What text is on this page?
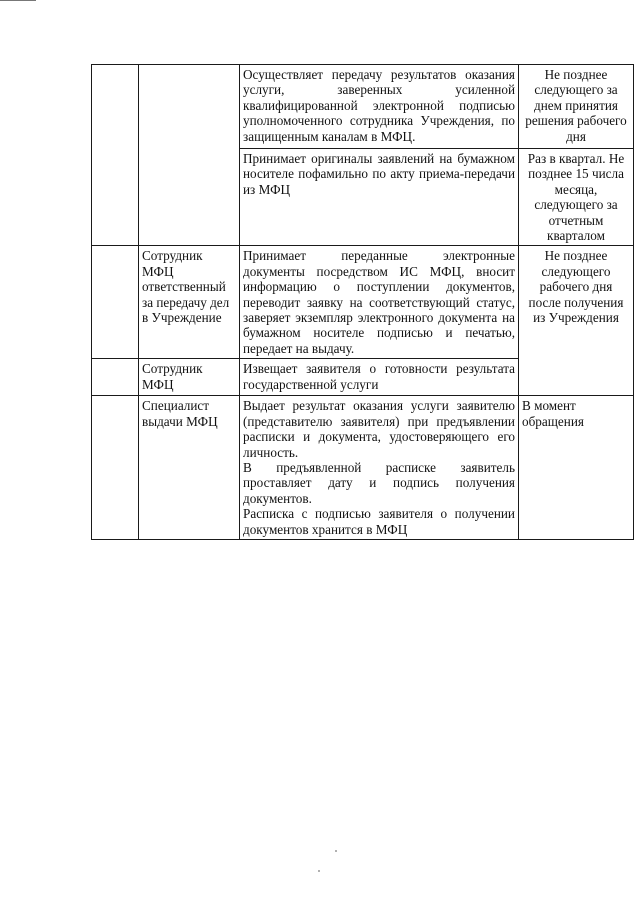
		Осуществляет передачу результатов оказания услуги, заверенных усиленной квалифицированной электронной подписью уполномоченного сотрудника Учреждения, по защищенным каналам в МФЦ.	Не позднее следующего за днем принятия решения рабочего дня

		Принимает оригиналы заявлений на бумажном носителе пофамильно по акту приема-передачи из МФЦ	Раз в квартал. Не позднее 15 числа месяца, следующего за отчетным кварталом
	Сотрудник МФЦ ответственный за передачу дел в Учреждение	Принимает переданные электронные документы посредством ИС МФЦ, вносит информацию о поступлении документов, переводит заявку на соответствующий статус, заверяет экземпляр электронного документа на бумажном носителе подписью и печатью, передает на выдачу.	Не позднее следующего рабочего дня после получения из Учреждения
	Сотрудник МФЦ	Извещает заявителя о готовности результата государственной услуги	

	Специалист выдачи МФЦ	Выдает результат оказания услуги заявителю (представителю заявителя) при предъявлении расписки и документа, удостоверяющего его личность.
В предъявленной расписке заявитель проставляет дату и подпись получения документов.
Расписка с подписью заявителя о получении документов хранится в МФЦ	В момент обращения
